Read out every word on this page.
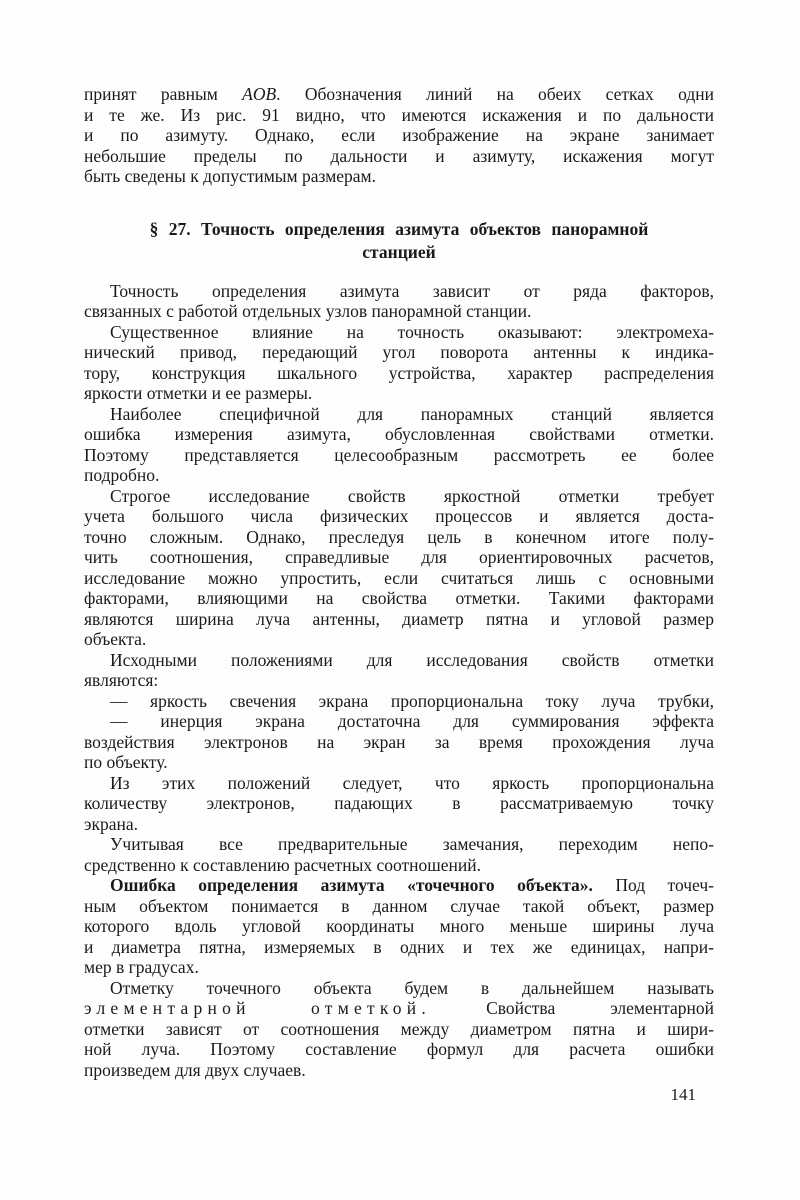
принят равным AOB. Обозначения линий на обеих сетках одни
и те же. Из рис. 91 видно, что имеются искажения и по дальности
и по азимуту. Однако, если изображение на экране занимает
небольшие пределы по дальности и азимуту, искажения могут
быть сведены к допустимым размерам.
§ 27. Точность определения азимута объектов панорамной
станцией
Точность определения азимута зависит от ряда факторов,
связанных с работой отдельных узлов панорамной станции.
Существенное влияние на точность оказывают: электромеха-
нический привод, передающий угол поворота антенны к индика-
тору, конструкция шкального устройства, характер распределения
яркости отметки и ее размеры.
Наиболее специфичной для панорамных станций является
ошибка измерения азимута, обусловленная свойствами отметки.
Поэтому представляется целесообразным рассмотреть ее более
подробно.
Строгое исследование свойств яркостной отметки требует
учета большого числа физических процессов и является доста-
точно сложным. Однако, преследуя цель в конечном итоге полу-
чить соотношения, справедливые для ориентировочных расчетов,
исследование можно упростить, если считаться лишь с основными
факторами, влияющими на свойства отметки. Такими факторами
являются ширина луча антенны, диаметр пятна и угловой размер
объекта.
Исходными положениями для исследования свойств отметки
являются:
— яркость свечения экрана пропорциональна току луча трубки,
— инерция экрана достаточна для суммирования эффекта
воздействия электронов на экран за время прохождения луча
по объекту.
Из этих положений следует, что яркость пропорциональна
количеству электронов, падающих в рассматриваемую точку
экрана.
Учитывая все предварительные замечания, переходим непо-
средственно к составлению расчетных соотношений.
Ошибка определения азимута «точечного объекта». Под точеч-
ным объектом понимается в данном случае такой объект, размер
которого вдоль угловой координаты много меньше ширины луча
и диаметра пятна, измеряемых в одних и тех же единицах, напри-
мер в градусах.
Отметку точечного объекта будем в дальнейшем называть
элементарной отметкой. Свойства элементарной
отметки зависят от соотношения между диаметром пятна и шири-
ной луча. Поэтому составление формул для расчета ошибки
произведем для двух случаев.
141
